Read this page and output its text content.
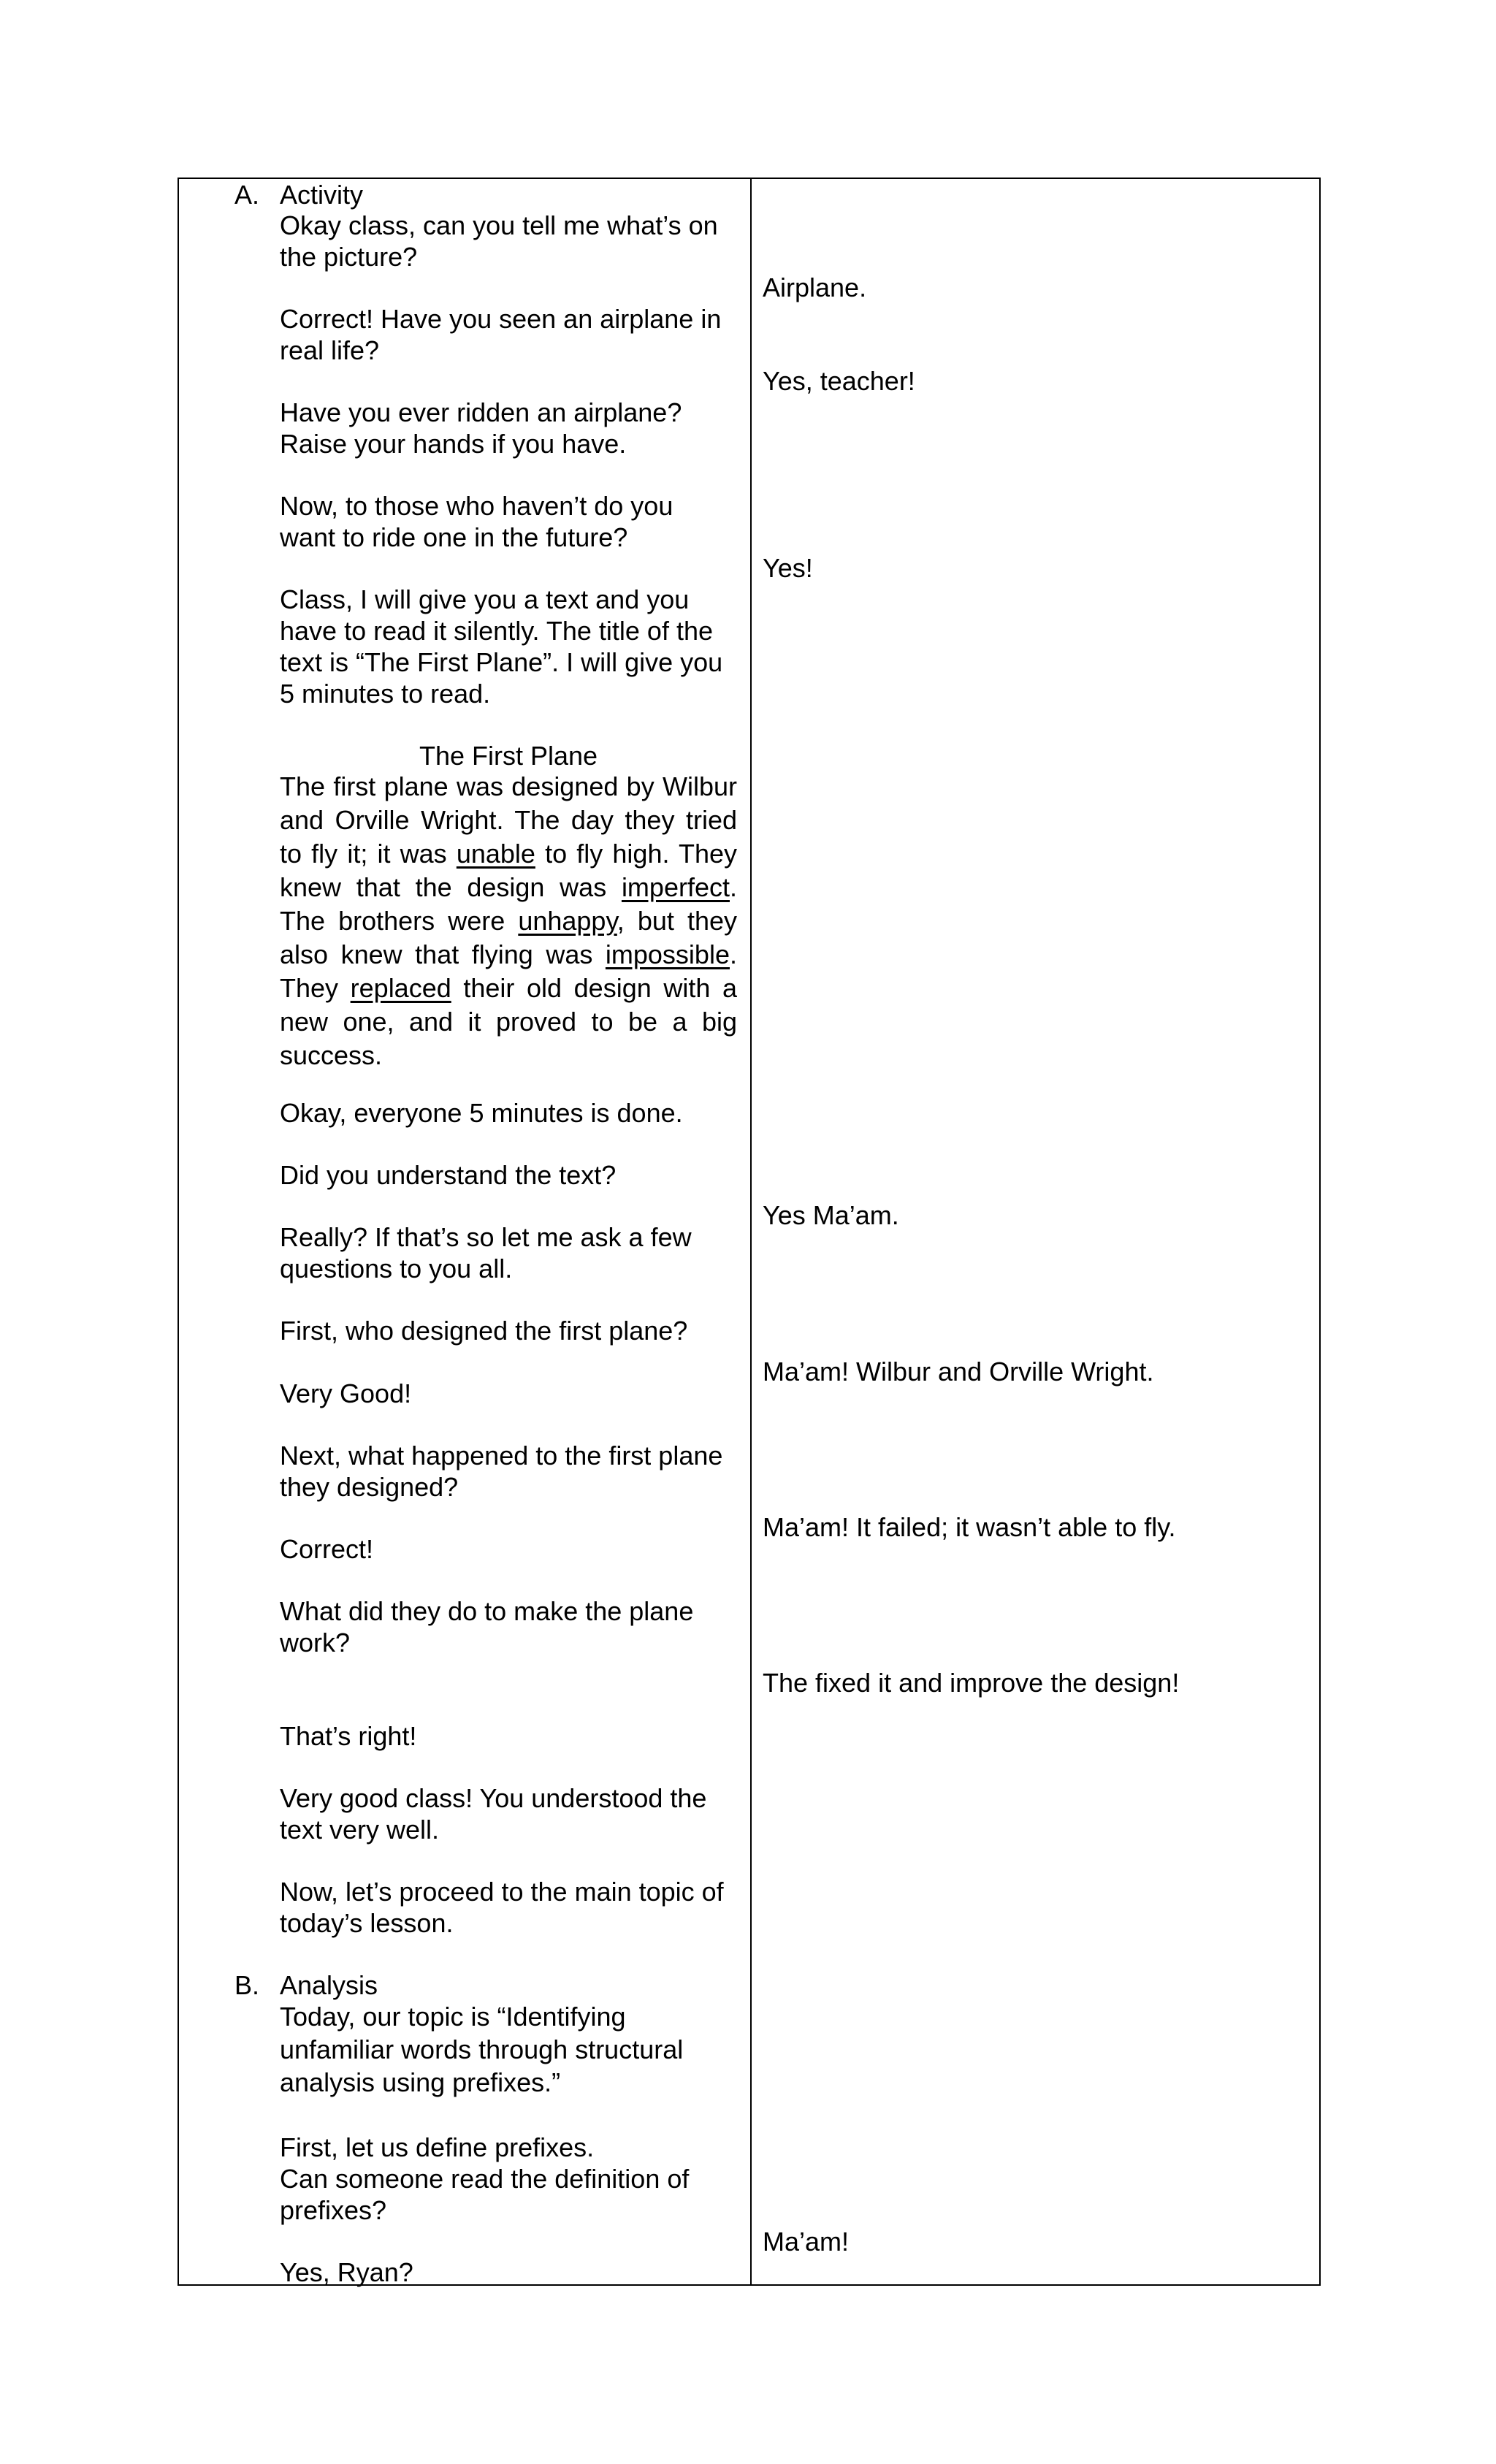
A. Activity
Okay class, can you tell me what’s on
the picture?
Correct! Have you seen an airplane in
real life?
Have you ever ridden an airplane?
Raise your hands if you have.
Now, to those who haven’t do you
want to ride one in the future?
Class, I will give you a text and you
have to read it silently. The title of the
text is “The First Plane”. I will give you
5 minutes to read.
The First Plane
The first plane was designed by Wilbur and Orville Wright. The day they tried to fly it; it was unable to fly high. They knew that the design was imperfect. The brothers were unhappy, but they also knew that flying was impossible. They replaced their old design with a new one, and it proved to be a big success.
Okay, everyone 5 minutes is done.
Did you understand the text?
Really? If that’s so let me ask a few
questions to you all.
First, who designed the first plane?
Very Good!
Next, what happened to the first plane
they designed?
Correct!
What did they do to make the plane
work?
That’s right!
Very good class! You understood the
text very well.
Now, let’s proceed to the main topic of
today’s lesson.
B. Analysis
Today, our topic is “Identifying
unfamiliar words through structural
analysis using prefixes.”
First, let us define prefixes.
Can someone read the definition of
prefixes?
Yes, Ryan?
Airplane.
Yes, teacher!
Yes!
Yes Ma’am.
Ma’am! Wilbur and Orville Wright.
Ma’am! It failed; it wasn’t able to fly.
The fixed it and improve the design!
Ma’am!
